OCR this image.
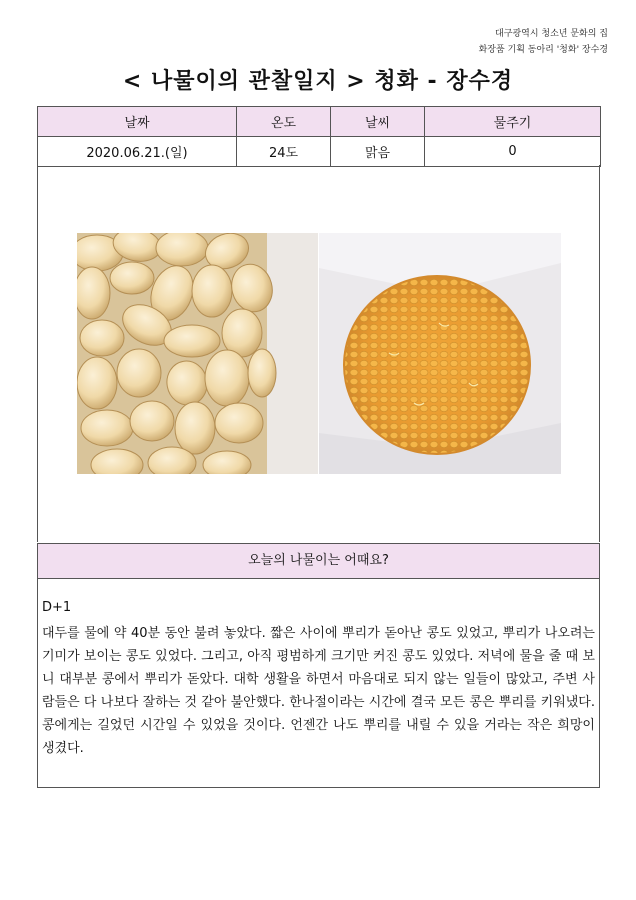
대구광역시 청소년 문화의 집
화장품 기획 동아리 '청화' 장수경
< 나물이의 관찰일지 > 청화 - 장수경
날짜	온도	날씨	물주기
2020.06.21.(일)	24도	맑음	0
오늘의 나물이는 어때요?
D+1
대두를 물에 약 40분 동안 불려 놓았다. 짧은 사이에 뿌리가 돋아난 콩도 있었고, 뿌리가 나오려는 기미가 보이는 콩도 있었다. 그리고, 아직 평범하게 크기만 커진 콩도 있었다. 저녁에 물을 줄 때 보니 대부분 콩에서 뿌리가 돋았다. 대학 생활을 하면서 마음대로 되지 않는 일들이 많았고, 주변 사람들은 다 나보다 잘하는 것 같아 불안했다. 한나절이라는 시간에 결국 모든 콩은 뿌리를 키워냈다. 콩에게는 길었던 시간일 수 있었을 것이다. 언젠간 나도 뿌리를 내릴 수 있을 거라는 작은 희망이 생겼다.
